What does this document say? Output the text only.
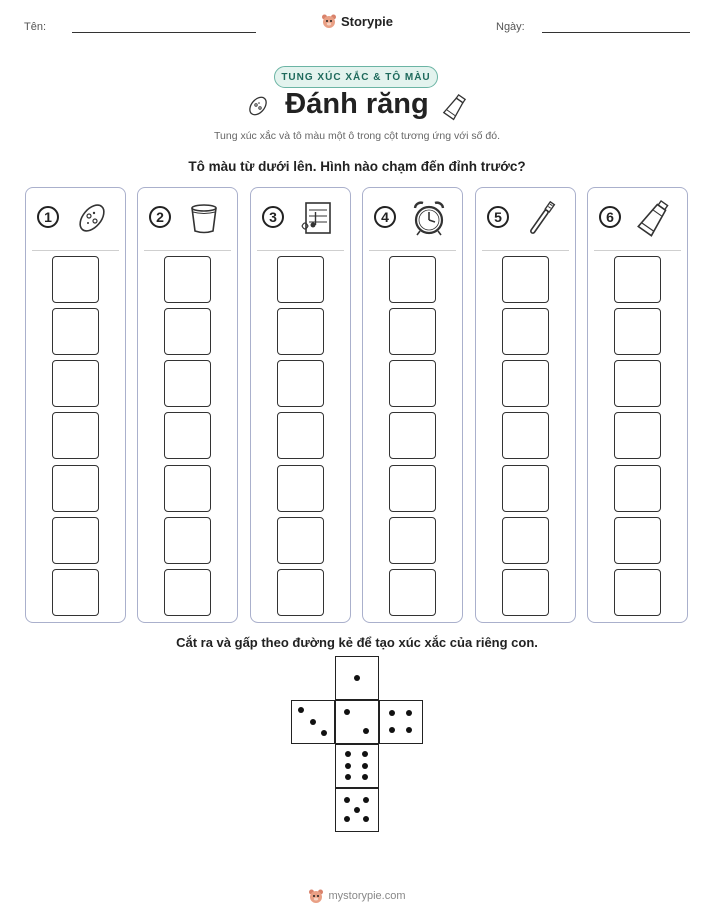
Tên:	Storypie	Ngày:
TUNG XÚC XẮC & TÔ MÀU
Đánh răng
Tung xúc xắc và tô màu một ô trong cột tương ứng với số đó.
Tô màu từ dưới lên. Hình nào chạm đến đỉnh trước?
1	2	3	4	5	6
Cắt ra và gấp theo đường kẻ để tạo xúc xắc của riêng con.
mystorypie.com
